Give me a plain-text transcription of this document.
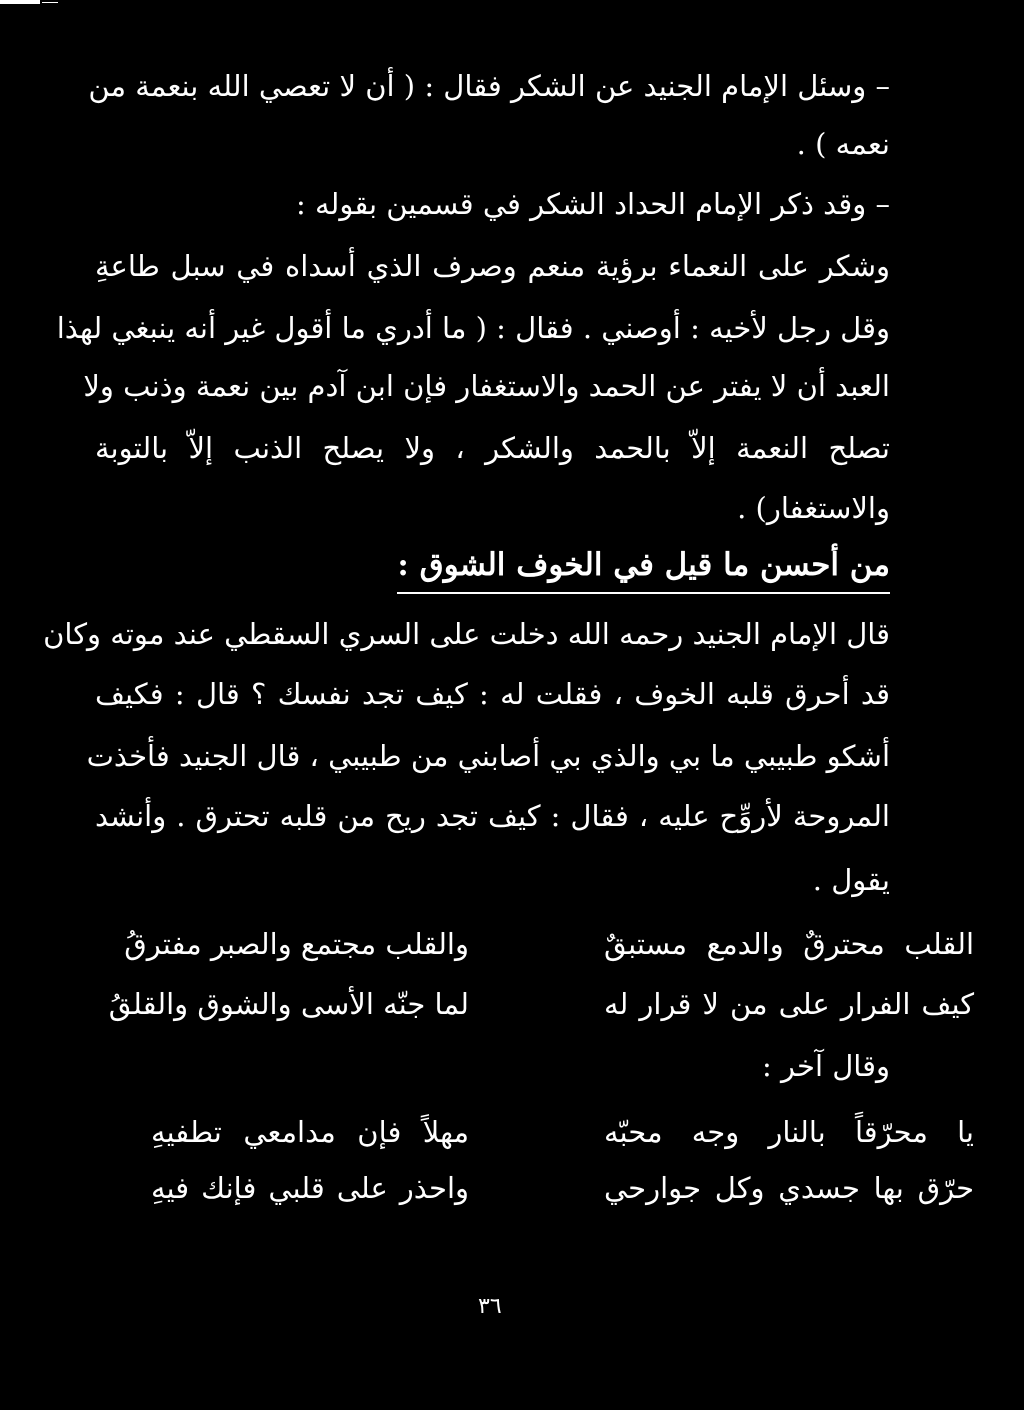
– وسئل الإمام الجنيد عن الشكر فقال : ( أن لا تعصي الله بنعمة من
نعمه ) .
– وقد ذكر الإمام الحداد الشكر في قسمين بقوله :
وشكر على النعماء برؤية منعم وصرف الذي أسداه في سبل طاعةِ
وقل رجل لأخيه : أوصني . فقال : ( ما أدري ما أقول غير أنه ينبغي لهذا
العبد أن لا يفتر عن الحمد والاستغفار فإن ابن آدم بين نعمة وذنب ولا
تصلح النعمة إلاّ بالحمد والشكر ، ولا يصلح الذنب إلاّ بالتوبة
والاستغفار) .
من أحسن ما قيل في الخوف الشوق :
قال الإمام الجنيد رحمه الله دخلت على السري السقطي عند موته وكان
قد أحرق قلبه الخوف ، فقلت له : كيف تجد نفسك ؟ قال : فكيف
أشكو طبيبي ما بي والذي بي أصابني من طبيبي ، قال الجنيد فأخذت
المروحة لأروِّح عليه ، فقال : كيف تجد ريح من قلبه تحترق . وأنشد
يقول .
القلب محترقٌ والدمع مستبقٌ
والقلب مجتمع والصبر مفترقُ
كيف الفرار على من لا قرار له
لما جنّه الأسى والشوق والقلقُ
وقال آخر :
يا محرّقاً بالنار وجه محبّه
مهلاً فإن مدامعي تطفيهِ
حرّق بها جسدي وكل جوارحي
واحذر على قلبي فإنك فيهِ
٣٦
